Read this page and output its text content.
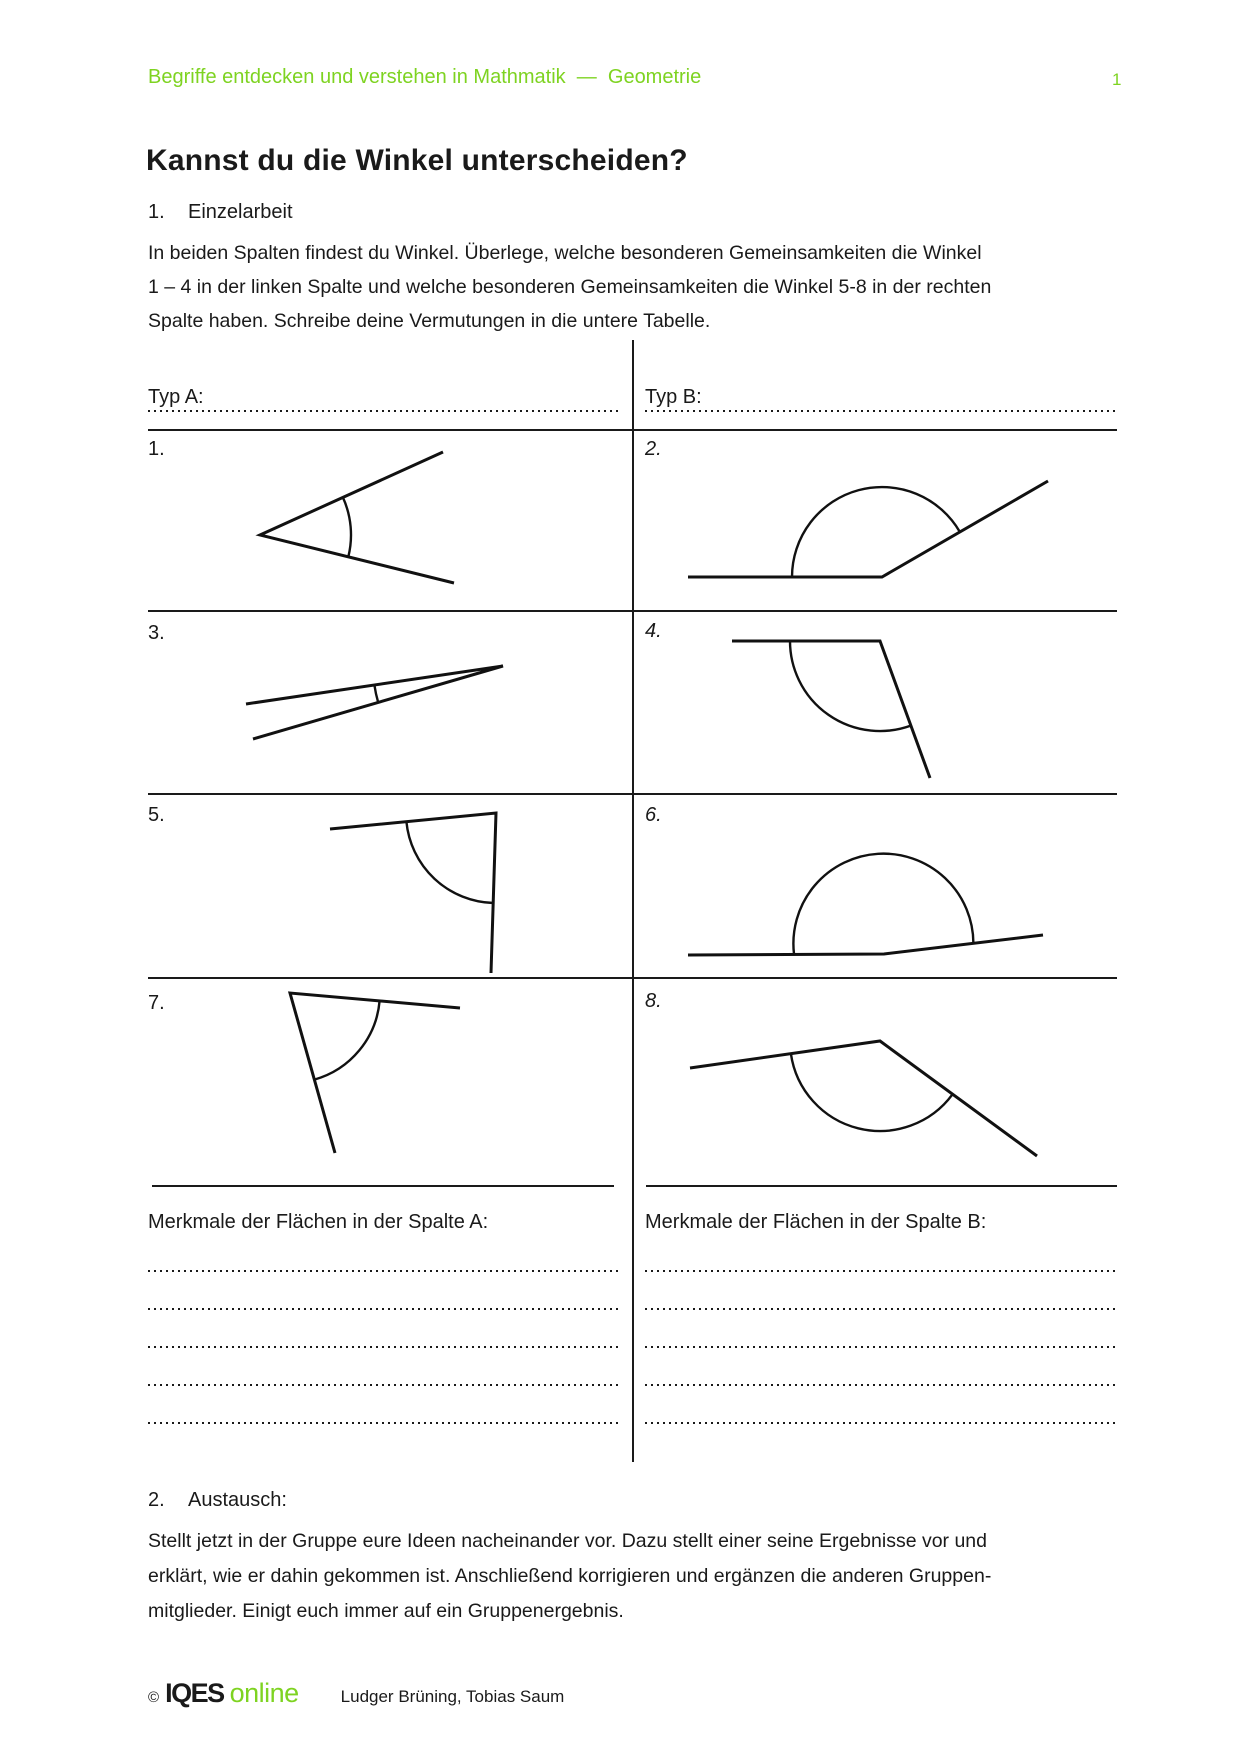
Begriffe entdecken und verstehen in Mathmatik  —  Geometrie	1
Kannst du die Winkel unterscheiden?
1. Einzelarbeit
In beiden Spalten findest du Winkel. Überlege, welche besonderen Gemeinsamkeiten die Winkel
1 – 4 in der linken Spalte und welche besonderen Gemeinsamkeiten die Winkel 5-8 in der rechten
Spalte haben. Schreibe deine Vermutungen in die untere Tabelle.
Typ A:	Typ B:
1.	2.
3.	4.
5.	6.
7.	8.
Merkmale der Flächen in der Spalte A:	Merkmale der Flächen in der Spalte B:
2. Austausch:
Stellt jetzt in der Gruppe eure Ideen nacheinander vor. Dazu stellt einer seine Ergebnisse vor und
erklärt, wie er dahin gekommen ist. Anschließend korrigieren und ergänzen die anderen Gruppen-
mitglieder. Einigt euch immer auf ein Gruppenergebnis.
© IQES online Ludger Brüning, Tobias Saum
